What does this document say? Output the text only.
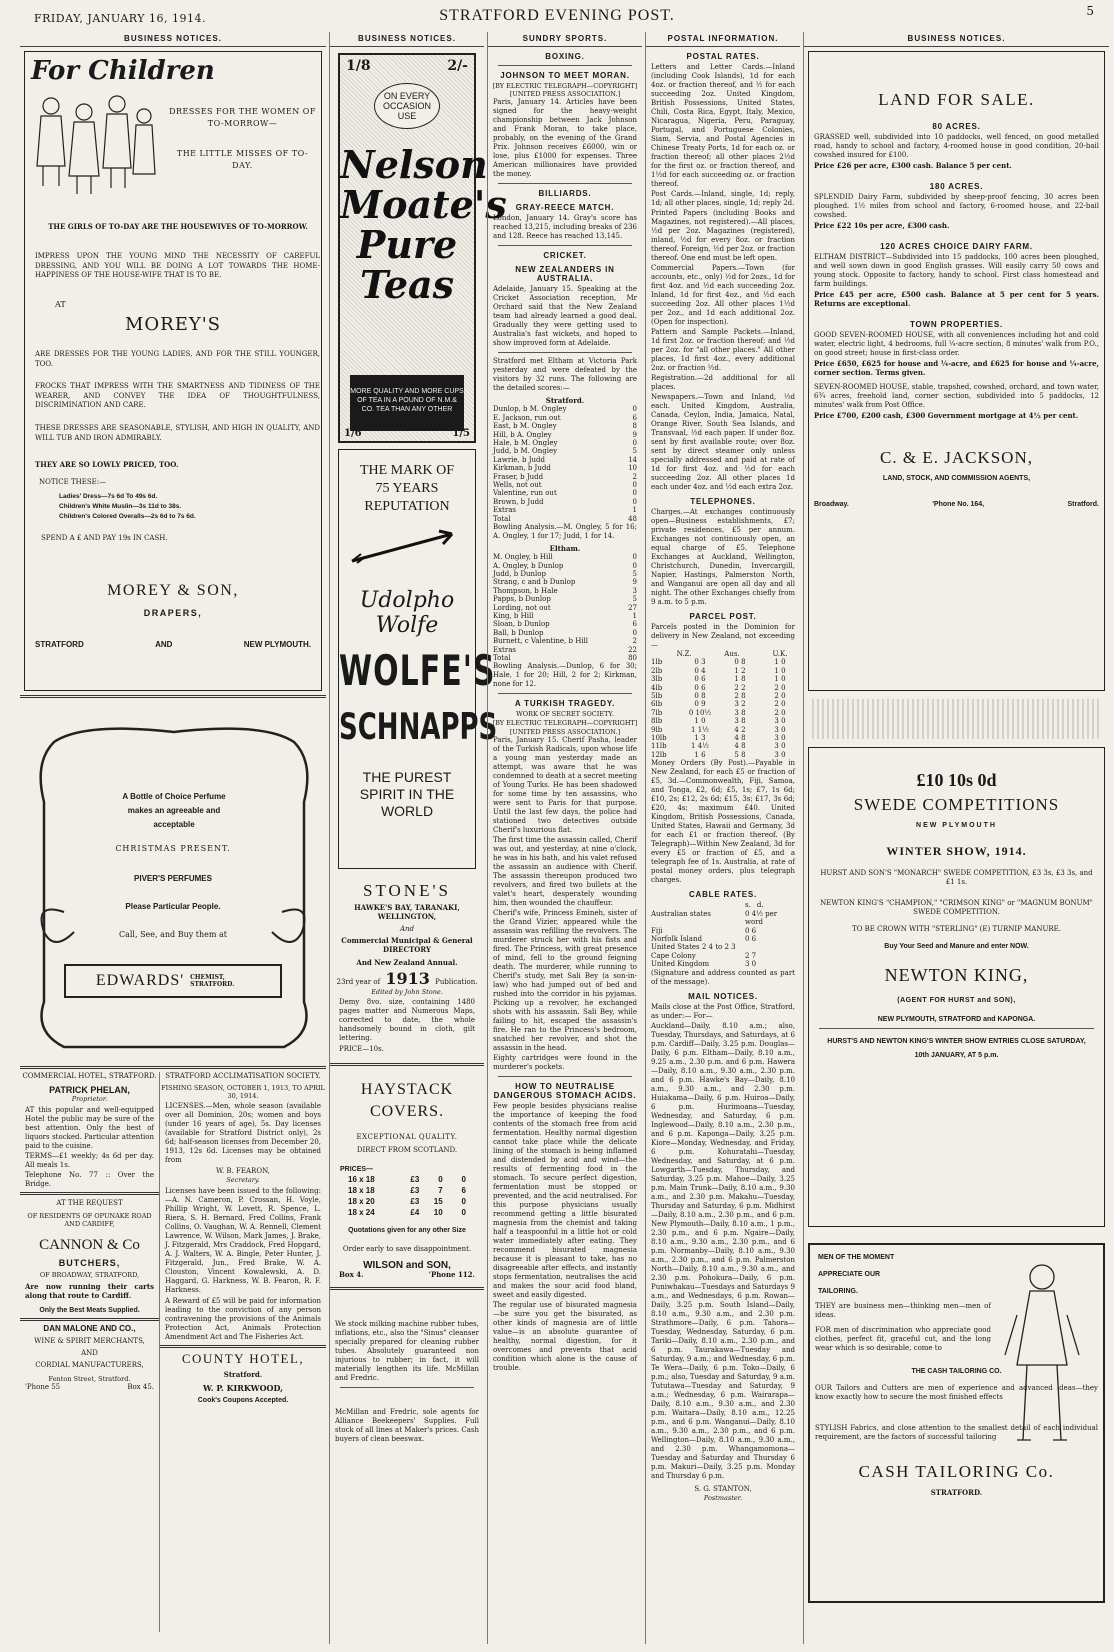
FRIDAY, JANUARY 16, 1914.	STRATFORD EVENING POST.	5
BUSINESS NOTICES.
For Children
DRESSES FOR THE WOMEN OF TO-MORROW—
THE LITTLE MISSES OF TO-DAY.
THE GIRLS OF TO-DAY ARE THE HOUSEWIVES OF TO-MORROW.
IMPRESS UPON THE YOUNG MIND THE NECESSITY OF CAREFUL DRESSING, AND YOU WILL BE DOING A LOT TOWARDS THE HOME-HAPPINESS OF THE HOUSE-WIFE THAT IS TO BE.
AT
MOREY'S
ARE DRESSES FOR THE YOUNG LADIES, AND FOR THE STILL YOUNGER, TOO.
FROCKS THAT IMPRESS WITH THE SMARTNESS AND TIDINESS OF THE WEARER, AND CONVEY THE IDEA OF THOUGHTFULNESS, DISCRIMINATION AND CARE.
THESE DRESSES ARE SEASONABLE, STYLISH, AND HIGH IN QUALITY, AND WILL TUB AND IRON ADMIRABLY.
THEY ARE SO LOWLY PRICED, TOO.
NOTICE THESE:—
Ladies' Dress—7s 6d To 49s 6d.
Children's White Muslin—3s 11d to 38s.
Children's Colored Overalls—2s 6d to 7s 6d.
SPEND A £ AND PAY 19s IN CASH.
MOREY & SON,
DRAPERS,
STRATFORD	AND	NEW PLYMOUTH.
A Bottle of Choice Perfume
makes an agreeable and
acceptable
CHRISTMAS PRESENT.
PIVER'S PERFUMES
Please Particular People.
Call, See, and Buy them at
EDWARDS' CHEMIST, STRATFORD.
COMMERCIAL HOTEL, STRATFORD.
PATRICK PHELAN,
Proprietor.
AT this popular and well-equipped Hotel the public may be sure of the best attention. Only the best of liquors stocked. Particular attention paid to the cuisine.
TERMS—£1 weekly; 4s 6d per day. All meals 1s.
Telephone No. 77 :: Over the Bridge.
AT THE REQUEST
OF RESIDENTS OF OPUNAKE ROAD AND CARDIFF,
CANNON & Co
BUTCHERS,
OF BROADWAY, STRATFORD,
Are now running their carts along that route to Cardiff.
Only the Best Meats Supplied.
DAN MALONE AND CO.,
WINE & SPIRIT MERCHANTS,
AND
CORDIAL MANUFACTURERS,
Fenton Street, Stratford.
'Phone 55	Box 45.
STRATFORD ACCLIMATISATION SOCIETY.
FISHING SEASON, OCTOBER 1, 1913, TO APRIL 30, 1914.
LICENSES.—Men, whole season (available over all Dominion, 20s; women and boys (under 16 years of age), 5s. Day licenses (available for Stratford District only), 2s 6d; half-season licenses from December 20, 1913, 12s 6d. Licenses may be obtained from
W. B. FEARON,
Secretary.
Licenses have been issued to the following:—A. N. Cameron, P. Crossan, H. Voyle, Phillip Wright, W. Lovett, R. Spence, L. Riera, S. H. Bernard, Fred Collins, Frank Collins, O. Vaughan, W. A. Rennell, Clement Lawrence, W. Wilson, Mark James, J. Brake, J. Fitzgerald, Mrs Craddock, Fred Hopgard, A. J. Walters, W. A. Bingle, Peter Hunter, J. Fitzgerald, Jun., Fred Brake, W. A. Clouston, Vincent Kowalewski, A. D. Haggard, G. Harkness, W. B. Fearon, R. F. Harkness.
A Reward of £5 will be paid for information leading to the conviction of any person contravening the provisions of the Animals Protection Act, Animals Protection Amendment Act and The Fisheries Act.
COUNTY HOTEL,
Stratford.
W. P. KIRKWOOD,
Cook's Coupons Accepted.
BUSINESS NOTICES.
1/8	2/-
ON EVERY OCCASION USE
Nelson Moate's Pure Teas
MORE QUALITY AND MORE CUPS OF TEA IN A POUND OF N.M.& CO. TEA THAN ANY OTHER
1/6	1/5
THE MARK OF
75 YEARS REPUTATION
Udolpho Wolfe
WOLFE'S
SCHNAPPS
THE PUREST SPIRIT IN THE WORLD
STONE'S
HAWKE'S BAY, TARANAKI, WELLINGTON,
And
Commercial Municipal & General DIRECTORY
And New Zealand Annual.
23rd year of 1913 Publication.
Edited by John Stone.
Demy 8vo. size, containing 1480 pages matter and Numerous Maps, corrected to date, the whole handsomely bound in cloth, gilt lettering.
PRICE—10s.
HAYSTACK COVERS.
EXCEPTIONAL QUALITY.
DIRECT FROM SCOTLAND.
PRICES—
16 x 18	£3	0	0
18 x 18	£3	7	6
18 x 20	£3	15	0
18 x 24	£4	10	0
Quotations given for any other Size
Order early to save disappointment.
WILSON and SON,
Box 4.	'Phone 112.
We stock milking machine rubber tubes, inflations, etc., also the "Sinus" cleanser specially prepared for cleaning rubber tubes. Absolutely guaranteed non injurious to rubber; in fact, it will materially lengthen its life. McMillan and Fredric.
McMillan and Fredric, sole agents for Alliance Beekeepers' Supplies. Full stock of all lines at Maker's prices. Cash buyers of clean beeswax.
SUNDRY SPORTS.
BOXING.
JOHNSON TO MEET MORAN.
[BY ELECTRIC TELEGRAPH—COPYRIGHT] [UNITED PRESS ASSOCIATION.]
Paris, January 14. Articles have been signed for the heavy-weight championship between Jack Johnson and Frank Moran, to take place, probably, on the evening of the Grand Prix. Johnson receives £6000, win or lose, plus £1000 for expenses. Three American millionaires have provided the money.
BILLIARDS.
GRAY-REECE MATCH.
London, January 14. Gray's score has reached 13,215, including breaks of 236 and 128. Reece has reached 13,145.
CRICKET.
NEW ZEALANDERS IN AUSTRALIA.
Adelaide, January 15. Speaking at the Cricket Association reception, Mr Orchard said that the New Zealand team had already learned a good deal. Gradually they were getting used to Australia's fast wickets, and hoped to show improved form at Adelaide.
Stratford met Eltham at Victoria Park yesterday and were defeated by the visitors by 32 runs. The following are the detailed scores:—
Stratford.
Dunlop, b M. Ongley	0
E. Jackson, run out	6
East, b M. Ongley	8
Hill, b A. Ongley	9
Hale, b M. Ongley	0
Judd, b M. Ongley	5
Lawrie, b Judd	14
Kirkman, b Judd	10
Fraser, b Judd	2
Wells, not out	0
Valentine, run out	0
Brown, b Judd	0
Extras	1
Total	48
Bowling Analysis.—M. Ongley, 5 for 16; A. Ongley, 1 for 17; Judd, 1 for 14.
Eltham.
M. Ongley, b Hill	0
A. Ongley, b Dunlop	0
Judd, b Dunlop	5
Strang, c and b Dunlop	9
Thompson, b Hale	3
Papps, b Dunlop	5
Lording, not out	27
King, b Hill	1
Sloan, b Dunlop	6
Ball, b Dunlop	0
Burnett, c Valentine, b Hill	2
Extras	22
Total	80
Bowling Analysis.—Dunlop, 6 for 30; Hale, 1 for 20; Hill, 2 for 2; Kirkman, none for 12.
A TURKISH TRAGEDY.
WORK OF SECRET SOCIETY.
[BY ELECTRIC TELEGRAPH—COPYRIGHT] [UNITED PRESS ASSOCIATION.]
Paris, January 15. Cherif Pasha, leader of the Turkish Radicals, upon whose life a young man yesterday made an attempt, was aware that he was condemned to death at a secret meeting of Young Turks. He has been shadowed for some time by ten assassins, who were sent to Paris for that purpose. Until the last few days, the police had stationed two detectives outside Cherif's luxurious flat.
The first time the assassin called, Cherif was out, and yesterday, at nine o'clock, he was in his bath, and his valet refused the assassin an audience with Cherif. The assassin thereupon produced two revolvers, and fired two bullets at the valet's heart, desperately wounding him, then wounded the chauffeur.
Cherif's wife, Princess Emineh, sister of the Grand Vizier, appeared while the assassin was refilling the revolvers. The murderer struck her with his fists and fired. The Princess, with great presence of mind, fell to the ground feigning death. The murderer, while running to Cherif's study, met Sali Bey (a son-in-law) who had jumped out of bed and rushed into the corridor in his pyjamas. Picking up a revolver, he exchanged shots with his assassin. Sali Bey, while failing to hit, escaped the assassin's fire. He ran to the Princess's bedroom, snatched her revolver, and shot the assassin in the head.
Eighty cartridges were found in the murderer's pockets.
HOW TO NEUTRALISE DANGEROUS STOMACH ACIDS.
Few people besides physicians realise the importance of keeping the food contents of the stomach free from acid fermentation. Healthy normal digestion cannot take place while the delicate lining of the stomach is being inflamed and distended by acid and wind—the results of fermenting food in the stomach. To secure perfect digestion, fermentation must be stopped or prevented, and the acid neutralised. For this purpose physicians usually recommend getting a little bisurated magnesia from the chemist and taking half a teaspoonful in a little hot or cold water immediately after eating. They recommend bisurated magnesia because it is pleasant to take, has no disagreeable after effects, and instantly stops fermentation, neutralises the acid and makes the sour acid food bland, sweet and easily digested.
The regular use of bisurated magnesia—be sure you get the bisurated, as other kinds of magnesia are of little value—is an absolute guarantee of healthy, normal digestion, for it overcomes and prevents that acid condition which alone is the cause of trouble.
POSTAL INFORMATION.
POSTAL RATES.
Letters and Letter Cards.—Inland (including Cook Islands), 1d for each 4oz. or fraction thereof, and ½ for each succeeding 2oz. United Kingdom, British Possessions, United States, Chili, Costa Rica, Egypt, Italy, Mexico, Nicaragua, Nigeria, Peru, Paraguay, Portugal, and Portuguese Colonies, Siam, Servia, and Postal Agencies in Chinese Treaty Ports, 1d for each oz. or fraction thereof; all other places 2½d for the first oz. or fraction thereof, and 1½d for each succeeding oz. or fraction thereof.
Post Cards.—Inland, single, 1d; reply, 1d; all other places, single, 1d; reply 2d.
Printed Papers (including Books and Magazines, not registered).—All places, ½d per 2oz. Magazines (registered), inland, ½d for every 8oz. or fraction thereof. Foreign, ½d per 2oz. or fraction thereof. One end must be left open.
Commercial Papers.—Town (for accounts, etc., only) ½d for 2ozs., 1d for first 4oz. and ½d each succeeding 2oz. Inland, 1d for first 4oz., and ½d each succeeding 2oz. All other places 1½d per 2oz., and 1d each additional 2oz. (Open for inspection).
Pattern and Sample Packets.—Inland, 1d first 2oz. or fraction thereof; and ½d per 2oz. for "all other places." All other places, 1d first 4oz., every additional 2oz. or fraction ½d.
Registration.—2d additional for all places.
Newspapers.—Town and Inland, ½d each. United Kingdom, Australia, Canada, Ceylon, India, Jamaica, Natal, Orange River, South Sea Islands, and Transvaal, ½d each paper. If under 8oz. sent by first available route; over 8oz. sent by direct steamer only unless specially addressed and paid at rate of 1d for first 4oz. and ½d for each succeeding 2oz. All other places 1d each under 4oz. and ½d each extra 2oz.
TELEPHONES.
Charges.—At exchanges continuously open—Business establishments, £7; private residences, £5 per annum. Exchanges not continuously open, an equal charge of £5. Telephone Exchanges at Auckland, Wellington, Christchurch, Dunedin, Invercargill, Napier, Hastings, Palmerston North, and Wanganui are open all day and all night. The other Exchanges chiefly from 9 a.m. to 5 p.m.
PARCEL POST.
Parcels posted in the Dominion for delivery in New Zealand, not exceeding—
N.Z.	Aus.	U.K.
1lb	0 3	0 8	1 0
2lb	0 4	1 2	1 0
3lb	0 6	1 8	1 0
4lb	0 6	2 2	2 0
5lb	0 8	2 8	2 0
6lb	0 9	3 2	2 0
7lb	0 10½	3 8	2 0
8lb	1 0	3 8	3 0
9lb	1 1½	4 2	3 0
10lb	1 3	4 8	3 0
11lb	1 4½	4 8	3 0
12lb	1 6	5 8	3 0
Money Orders (By Post).—Payable in New Zealand, for each £5 or fraction of £5, 3d.—Commonwealth, Fiji, Samoa, and Tonga, £2, 6d; £5, 1s; £7, 1s 6d; £10, 2s; £12, 2s 6d; £15, 3s; £17, 3s 6d; £20, 4s; maximum £40. United Kingdom, British Possessions, Canada, United States, Hawaii and Germany, 3d for each £1 or fraction thereof. (By Telegraph)—Within New Zealand, 3d for every £5 or fraction of £5, and a telegraph fee of 1s. Australia, at rate of postal money orders, plus telegraph charges.
CABLE RATES.
s. d.
Australian states	0 4½ per word
Fiji	0 6
Norfolk Island	0 6
United States 2 4 to 2 3
Cape Colony	2 7
United Kingdom	3 0
(Signature and address counted as part of the message).
MAIL NOTICES.
Mails close at the Post Office, Stratford, as under:— For—
Auckland—Daily, 8.10 a.m.; also, Tuesday, Thursdays, and Saturdays, at 6 p.m. Cardiff—Daily, 3.25 p.m. Douglas—Daily, 6 p.m. Eltham—Daily, 8.10 a.m., 9.25 a.m., 2.30 p.m. and 6 p.m. Hawera—Daily, 8.10 a.m., 9.30 a.m., 2.30 p.m. and 6 p.m. Hawke's Bay—Daily, 8.10 a.m., 9.30 a.m., and 2.30 p.m. Huiakama—Daily, 6 p.m. Huiroa—Daily, 6 p.m. Hurimoana—Tuesday, Wednesday, and Saturday, 6 p.m. Inglewood—Daily, 8.10 a.m., 2.30 p.m., and 6 p.m. Kaponga—Daily, 3.25 p.m. Kiore—Monday, Wednesday, and Friday, 6 p.m. Kohuratahi—Tuesday, Wednesday, and Saturday, at 6 p.m. Lowgarth—Tuesday, Thursday, and Saturday, 3.25 p.m. Mahoe—Daily, 3.25 p.m. Main Trunk—Daily, 8.10 a.m., 9.30 a.m., and 2.30 p.m. Makahu—Tuesday, Thursday and Saturday, 6 p.m. Midhirst—Daily, 8.10 a.m., 2.30 p.m., and 6 p.m. New Plymouth—Daily, 8.10 a.m., 1 p.m., 2.30 p.m., and 6 p.m. Ngaire—Daily, 8.10 a.m., 9.30 a.m., 2.30 p.m., and 6 p.m. Normanby—Daily, 8.10 a.m., 9.30 a.m., 2.30 p.m., and 6 p.m. Palmerston North—Daily, 8.10 a.m., 9.30 a.m., and 2.30 p.m. Pohokura—Daily, 6 p.m. Puniwhakau—Tuesdays and Saturdays 9 a.m., and Wednesdays, 6 p.m. Rowan—Daily, 3.25 p.m. South Island—Daily, 8.10 a.m., 9.30 a.m., and 2.30 p.m. Strathmore—Daily, 6 p.m. Tahora—Tuesday, Wednesday, Saturday, 6 p.m. Tariki—Daily, 8.10 a.m., 2.30 p.m., and 6 p.m. Taurakawa—Tuesday and Saturday, 9 a.m.; and Wednesday, 6 p.m. Te Wera—Daily, 6 p.m. Toko—Daily, 6 p.m.; also, Tuesday and Saturday, 9 a.m. Tututawa—Tuesday and Saturday, 9 a.m.; Wednesday, 6 p.m. Wairarapa—Daily, 8.10 a.m., 9.30 a.m., and 2.30 p.m. Waitara—Daily, 8.10 a.m., 12.25 p.m., and 6 p.m. Wanganui—Daily, 8.10 a.m., 9.30 a.m., 2.30 p.m., and 6 p.m. Wellington—Daily, 8.10 a.m., 9.30 a.m., and 2.30 p.m. Whangamomona—Tuesday and Saturday and Thursday 6 p.m. Makuri—Daily, 3.25 p.m. Monday and Thursday 6 p.m.
S. G. STANTON,
Postmaster.
BUSINESS NOTICES.
LAND FOR SALE.
80 ACRES.
GRASSED well, subdivided into 10 paddocks, well fenced, on good metalled road, handy to school and factory, 4-roomed house in good condition, 20-bail cowshed insured for £100.
Price £26 per acre, £300 cash. Balance 5 per cent.
180 ACRES.
SPLENDID Dairy Farm, subdivided by sheep-proof fencing, 30 acres been ploughed. 1½ miles from school and factory, 6-roomed house, and 22-bail cowshed.
Price £22 10s per acre, £300 cash.
120 ACRES CHOICE DAIRY FARM.
ELTHAM DISTRICT—Subdivided into 15 paddocks, 100 acres been ploughed, and well sown down in good English grasses. Will easily carry 50 cows and young stock. Opposite to factory, handy to school. First class homestead and farm buildings.
Price £45 per acre, £500 cash. Balance at 5 per cent for 5 years. Returns are exceptional.
TOWN PROPERTIES.
GOOD SEVEN-ROOMED HOUSE, with all conveniences including hot and cold water, electric light, 4 bedrooms, full ¼-acre section, 8 minutes' walk from P.O., on good street; house in first-class order.
Price £650, £625 for house and ¼-acre, and £625 for house and ¼-acre, corner section. Terms given.
SEVEN-ROOMED HOUSE, stable, trapshed, cowshed, orchard, and town water, 6¾ acres, freehold land, corner section, subdivided into 5 paddocks, 12 minutes' walk from Post Office.
Price £700, £200 cash, £300 Government mortgage at 4½ per cent.
C. & E. JACKSON,
LAND, STOCK, AND COMMISSION AGENTS,
Broadway.	'Phone No. 164,	Stratford.
£10 10s 0d
SWEDE COMPETITIONS
NEW PLYMOUTH
WINTER SHOW, 1914.
HURST AND SON'S "MONARCH" SWEDE COMPETITION, £3 3s, £3 3s, and £1 1s.
NEWTON KING'S "CHAMPION," "CRIMSON KING" or "MAGNUM BONUM" SWEDE COMPETITION.
TO BE CROWN WITH "STERLING" (E) TURNIP MANURE.
Buy Your Seed and Manure and enter NOW.
NEWTON KING,
(AGENT FOR HURST and SON),
NEW PLYMOUTH, STRATFORD and KAPONGA.
HURST'S AND NEWTON KING'S WINTER SHOW ENTRIES CLOSE SATURDAY, 10th JANUARY, AT 5 p.m.
MEN OF THE MOMENT
APPRECIATE OUR
TAILORING.
THEY are business men—thinking men—men of ideas.
FOR men of discrimination who appreciate good clothes, perfect fit, graceful cut, and the long wear which is so desirable, come to
THE CASH TAILORING CO.
OUR Tailors and Cutters are men of experience and advanced ideas—they know exactly how to secure the most finished effects
STYLISH Fabrics, and close attention to the smallest detail of each individual requirement, are the factors of successful tailoring
CASH TAILORING Co.
STRATFORD.
